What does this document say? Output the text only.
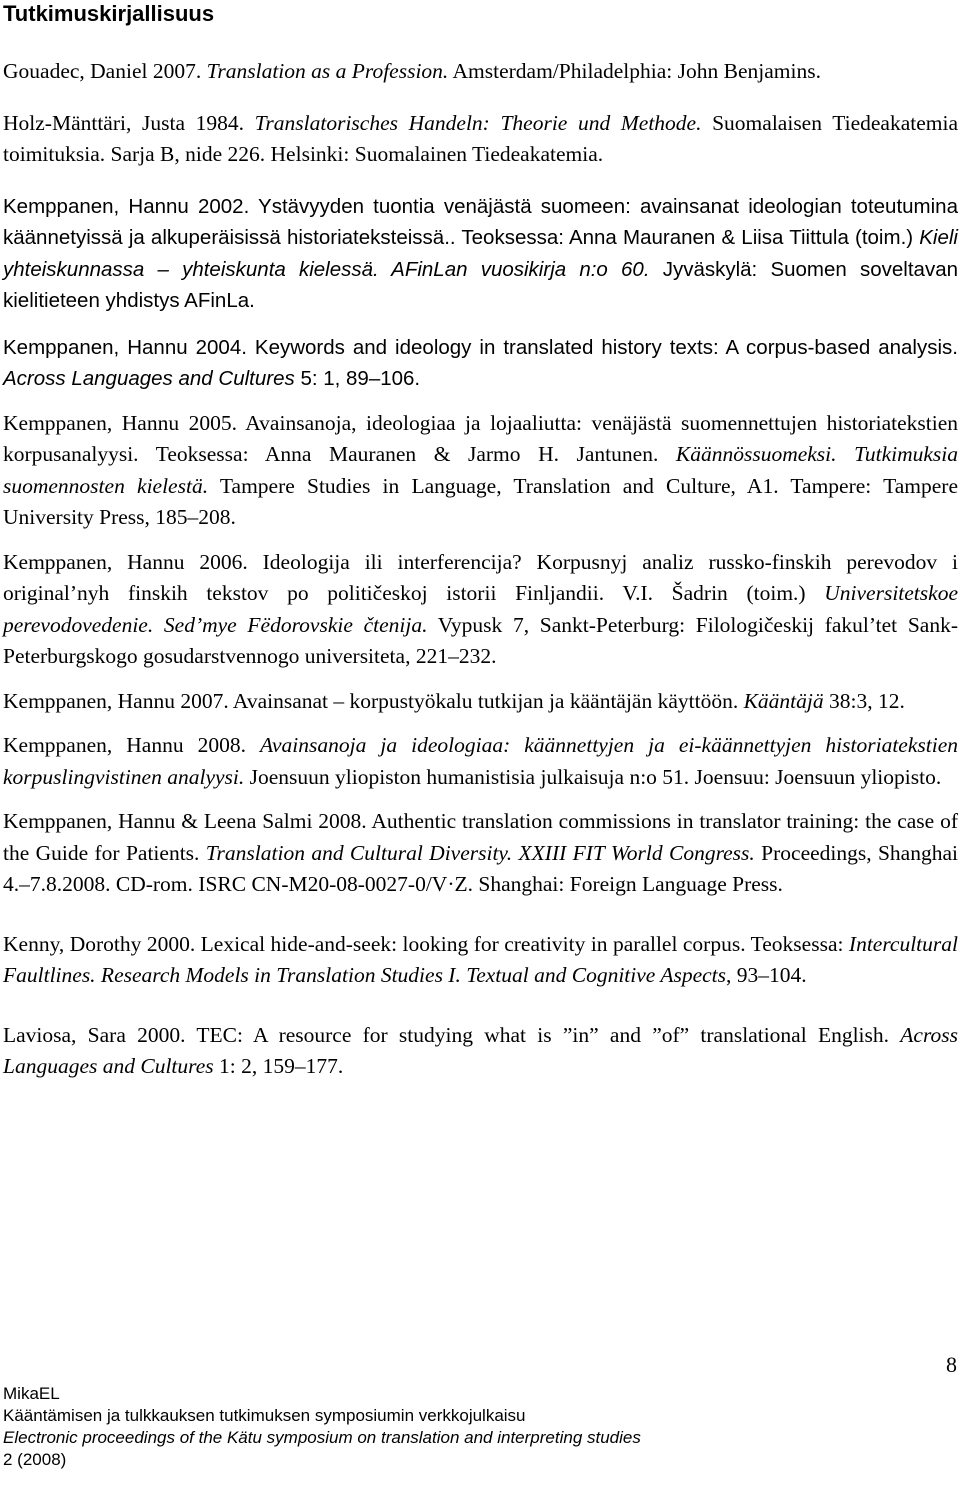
Tutkimuskirjallisuus

Gouadec, Daniel 2007. Translation as a Profession. Amsterdam/Philadelphia: John Benjamins.

Holz-Mänttäri, Justa 1984. Translatorisches Handeln: Theorie und Methode. Suomalaisen Tiedeakatemia toimituksia. Sarja B, nide 226. Helsinki: Suomalainen Tiedeakatemia.

Kemppanen, Hannu 2002. Ystävyyden tuontia venäjästä suomeen: avainsanat ideologian toteutumina käännetyissä ja alkuperäisissä historiateksteissä.. Teoksessa: Anna Mauranen & Liisa Tiittula (toim.) Kieli yhteiskunnassa – yhteiskunta kielessä. AFinLan vuosikirja n:o 60. Jyväskylä: Suomen soveltavan kielitieteen yhdistys AFinLa.

Kemppanen, Hannu 2004. Keywords and ideology in translated history texts: A corpus-based analysis. Across Languages and Cultures 5: 1, 89–106.

Kemppanen, Hannu 2005. Avainsanoja, ideologiaa ja lojaaliutta: venäjästä suomennettujen historiatekstien korpusanalyysi. Teoksessa: Anna Mauranen & Jarmo H. Jantunen. Käännössuomeksi. Tutkimuksia suomennosten kielestä. Tampere Studies in Language, Translation and Culture, A1. Tampere: Tampere University Press, 185–208.

Kemppanen, Hannu 2006. Ideologija ili interferencija? Korpusnyj analiz russko-finskih perevodov i original’nyh finskih tekstov po političeskoj istorii Finljandii. V.I. Šadrin (toim.) Universitetskoe perevodovedenie. Sed’mye Fëdorovskie čtenija. Vypusk 7, Sankt-Peterburg: Filologičeskij fakul’tet Sank-Peterburgskogo gosudarstvennogo universiteta, 221–232.

Kemppanen, Hannu 2007. Avainsanat – korpustyökalu tutkijan ja kääntäjän käyttöön. Kääntäjä 38:3, 12.

Kemppanen, Hannu 2008. Avainsanoja ja ideologiaa: käännettyjen ja ei-käännettyjen historiatekstien korpuslingvistinen analyysi. Joensuun yliopiston humanistisia julkaisuja n:o 51. Joensuu: Joensuun yliopisto.

Kemppanen, Hannu & Leena Salmi 2008. Authentic translation commissions in translator training: the case of the Guide for Patients. Translation and Cultural Diversity. XXIII FIT World Congress. Proceedings, Shanghai 4.–7.8.2008. CD-rom. ISRC CN-M20-08-0027-0/V·Z. Shanghai: Foreign Language Press.

Kenny, Dorothy 2000. Lexical hide-and-seek: looking for creativity in parallel corpus. Teoksessa: Intercultural Faultlines. Research Models in Translation Studies I. Textual and Cognitive Aspects, 93–104.

Laviosa, Sara 2000. TEC: A resource for studying what is ”in” and ”of” translational English. Across Languages and Cultures 1: 2, 159–177.

8
MikaEL
Kääntämisen ja tulkkauksen tutkimuksen symposiumin verkkojulkaisu
Electronic proceedings of the Kätu symposium on translation and interpreting studies
2 (2008)
